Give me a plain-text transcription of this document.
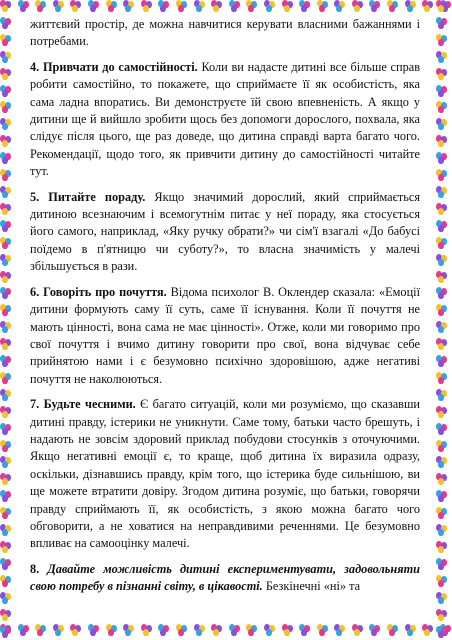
життєвий простір, де можна навчитися керувати власними бажаннями і потребами.

4. Привчати до самостійності. Коли ви надасте дитині все більше справ робити самостійно, то покажете, що сприймаєте її як особистість, яка сама ладна впоратись. Ви демонструєте їй свою впевненість. А якщо у дитини ще й вийшло зробити щось без допомоги дорослого, похвала, яка слідує після цього, ще раз доведе, що дитина справді варта багато чого. Рекомендації, щодо того, як привчити дитину до самостійності читайте тут.

5. Питайте пораду. Якщо значимий дорослий, який сприймається дитиною всезнаючим і всемогутнім питає у неї пораду, яка стосується його самого, наприклад, «Яку ручку обрати?» чи сім'ї взагалі «До бабусі поїдемо в п'ятницю чи суботу?», то власна значимість у малечі збільшується в рази.

6. Говоріть про почуття. Відома психолог В. Оклендер сказала: «Емоції дитини формують саму її суть, саме її існування. Коли її почуття не мають цінності, вона сама не має цінності». Отже, коли ми говоримо про свої почуття і вчимо дитину говорити про свої, вона відчуває себе прийнятою нами і є безумовно психічно здоровішою, адже негативі почуття не наколюються.

7. Будьте чесними. Є багато ситуацій, коли ми розуміємо, що сказавши дитині правду, істерики не уникнути. Саме тому, батьки часто брешуть, і надають не зовсім здоровий приклад побудови стосунків з оточуючими. Якщо негативні емоції є, то краще, щоб дитина їх виразила одразу, оскільки, дізнавшись правду, крім того, що істерика буде сильнішою, ви ще можете втратити довіру. Згодом дитина розуміє, що батьки, говорячи правду сприймають її, як особистість, з якою можна багато чого обговорити, а не ховатися на неправдивими реченнями. Це безумовно впливає на самооцінку малечі.

8. Давайте можливість дитині експериментувати, задовольняти свою потребу в пізнанні світу, в цікавості. Безкінечні «ні» та
